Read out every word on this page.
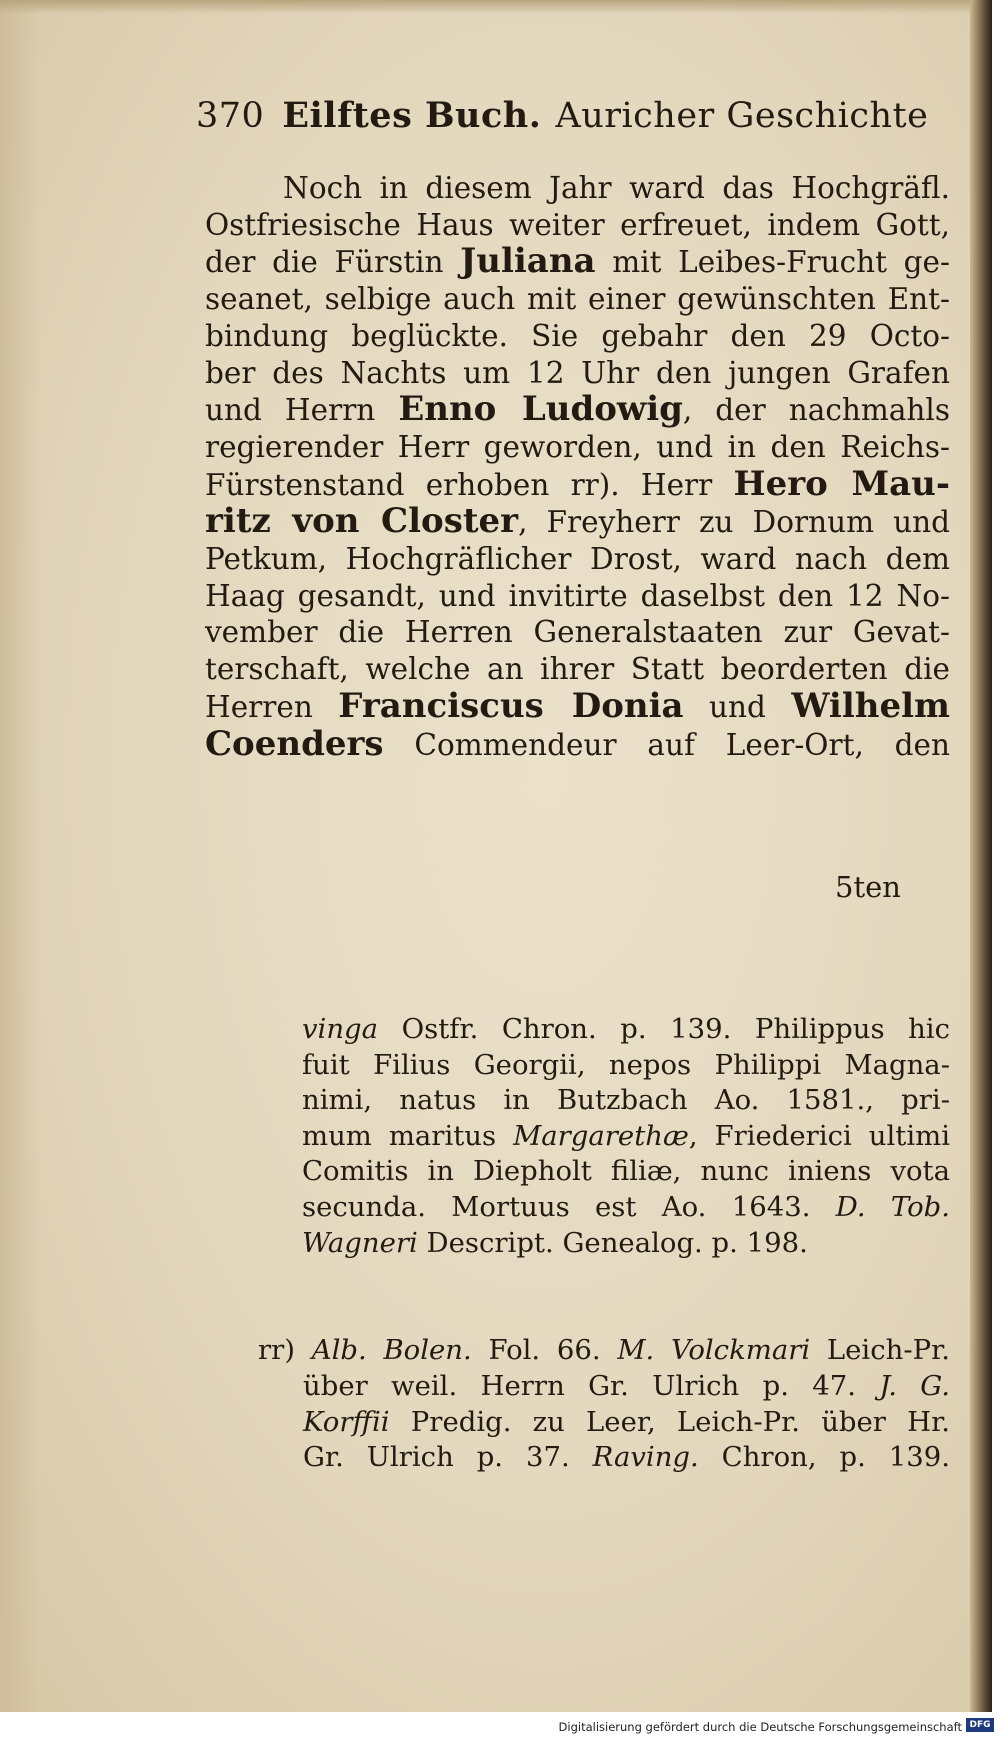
370 Eilftes Buch. Auricher Geschichte
Noch in diesem Jahr ward das Hochgräfl.
Ostfriesische Haus weiter erfreuet, indem Gott,
der die Fürstin Juliana mit Leibes-Frucht ge-
seanet, selbige auch mit einer gewünschten Ent-
bindung beglückte. Sie gebahr den 29 Octo-
ber des Nachts um 12 Uhr den jungen Grafen
und Herrn Enno Ludowig, der nachmahls
regierender Herr geworden, und in den Reichs-
Fürstenstand erhoben rr). Herr Hero Mau-
ritz von Closter, Freyherr zu Dornum und
Petkum, Hochgräflicher Drost, ward nach dem
Haag gesandt, und invitirte daselbst den 12 No-
vember die Herren Generalstaaten zur Gevat-
terschaft, welche an ihrer Statt beorderten die
Herren Franciscus Donia und Wilhelm
Coenders Commendeur auf Leer-Ort, den
5ten
vinga Ostfr. Chron. p. 139. Philippus hic
fuit Filius Georgii, nepos Philippi Magna-
nimi, natus in Butzbach Ao. 1581., pri-
mum maritus Margarethæ, Friederici ultimi
Comitis in Diepholt filiæ, nunc iniens vota
secunda. Mortuus est Ao. 1643. D. Tob.
Wagneri Descript. Genealog. p. 198.
rr) Alb. Bolen. Fol. 66. M. Volckmari Leich-Pr.
über weil. Herrn Gr. Ulrich p. 47. J. G.
Korffii Predig. zu Leer, Leich-Pr. über Hr.
Gr. Ulrich p. 37. Raving. Chron, p. 139.
Digitalisierung gefördert durch die Deutsche Forschungsgemeinschaft DFG
